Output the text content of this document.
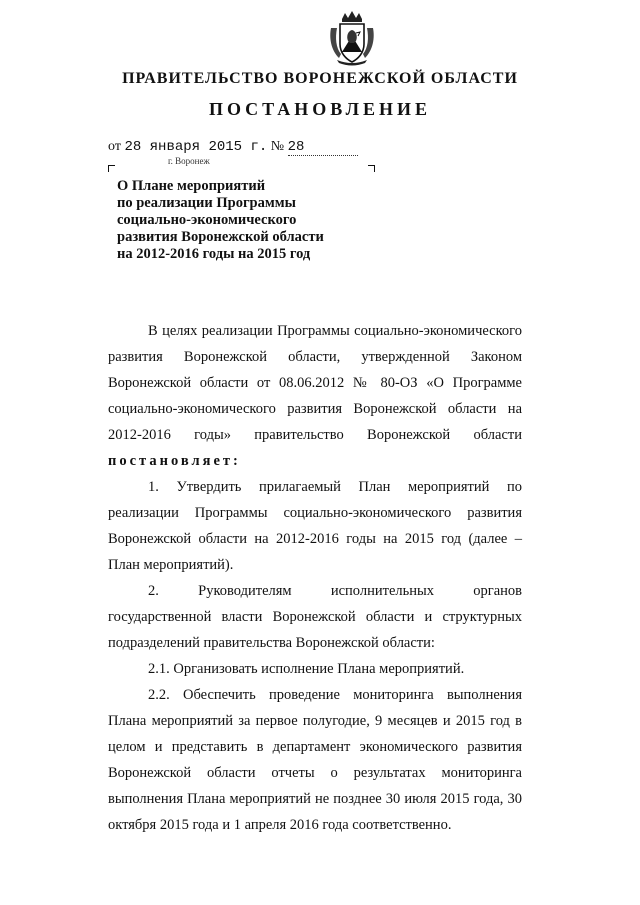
ПРАВИТЕЛЬСТВО ВОРОНЕЖСКОЙ ОБЛАСТИ
ПОСТАНОВЛЕНИЕ
от 28 января 2015 г. № 28
г. Воронеж
О Плане мероприятий
по реализации Программы
социально-экономического
развития Воронежской области
на 2012-2016 годы на 2015 год

В целях реализации Программы социально-экономического развития Воронежской области, утвержденной Законом Воронежской области от 08.06.2012 № 80-ОЗ «О Программе социально-экономического развития Воронежской области на 2012-2016 годы» правительство Воронежской области постановляет:

1. Утвердить прилагаемый План мероприятий по реализации Программы социально-экономического развития Воронежской области на 2012-2016 годы на 2015 год (далее – План мероприятий).

2. Руководителям исполнительных органов государственной власти Воронежской области и структурных подразделений правительства Воронежской области:

2.1. Организовать исполнение Плана мероприятий.

2.2. Обеспечить проведение мониторинга выполнения Плана мероприятий за первое полугодие, 9 месяцев и 2015 год в целом и представить в департамент экономического развития Воронежской области отчеты о результатах мониторинга выполнения Плана мероприятий не позднее 30 июля 2015 года, 30 октября 2015 года и 1 апреля 2016 года соответственно.
